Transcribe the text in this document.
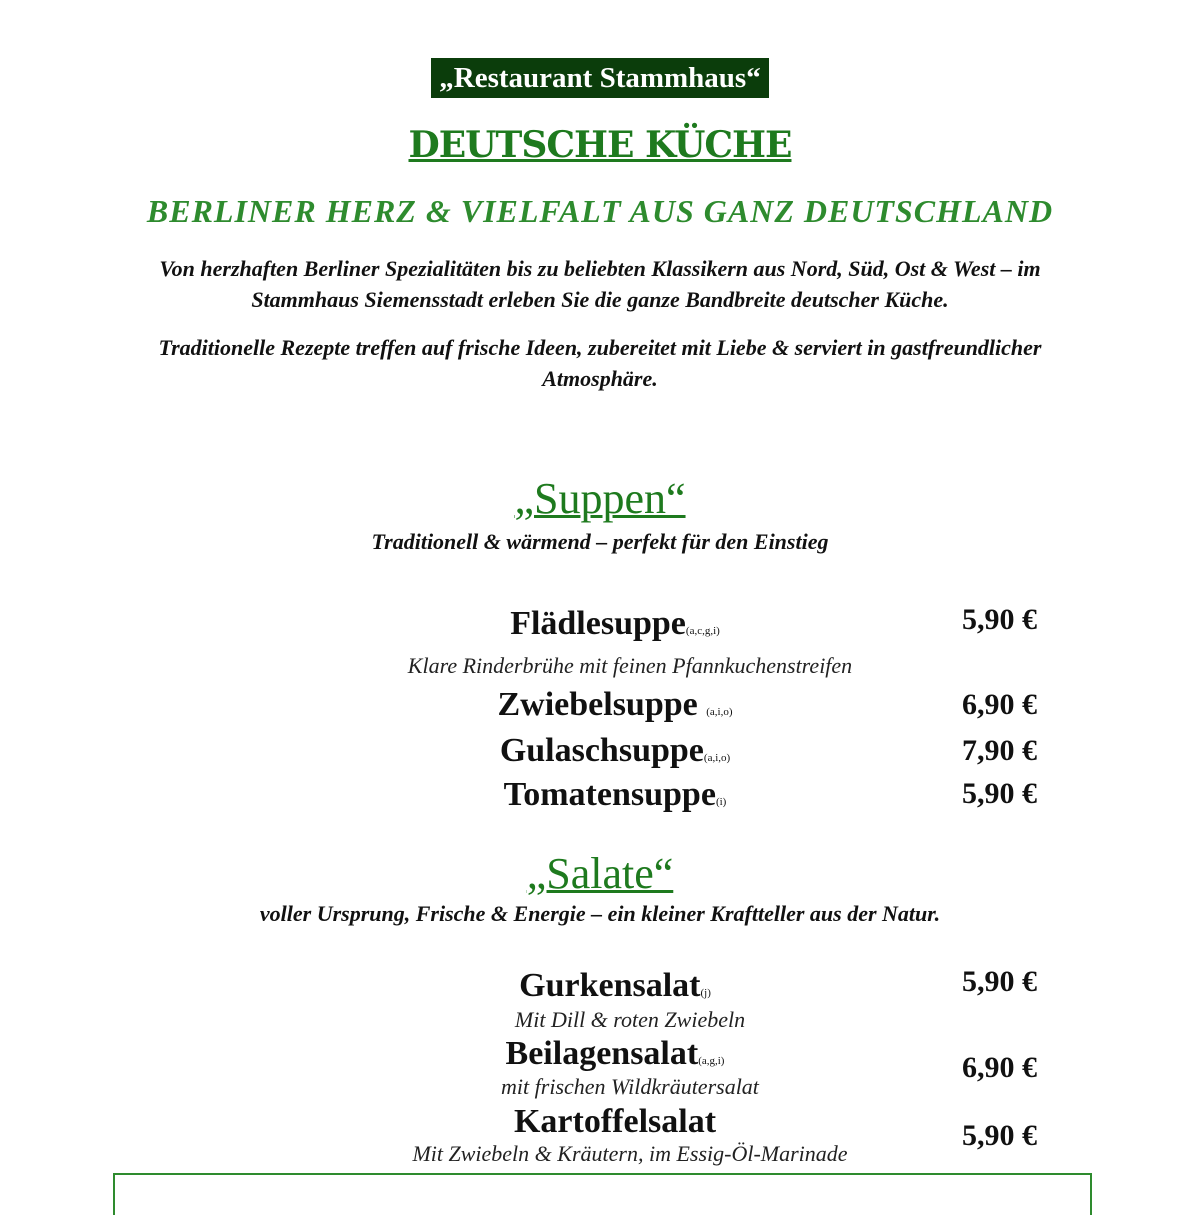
„Restaurant Stammhaus“
DEUTSCHE KÜCHE
BERLINER HERZ & VIELFALT AUS GANZ DEUTSCHLAND
Von herzhaften Berliner Spezialitäten bis zu beliebten Klassikern aus Nord, Süd, Ost & West – im Stammhaus Siemensstadt erleben Sie die ganze Bandbreite deutscher Küche.
Traditionelle Rezepte treffen auf frische Ideen, zubereitet mit Liebe & serviert in gastfreundlicher Atmosphäre.
„Suppen“
Traditionell & wärmend – perfekt für den Einstieg
Flädlesuppe(a,c,g,i)	5,90 €
Klare Rinderbrühe mit feinen Pfannkuchenstreifen
Zwiebelsuppe (a,i,o)	6,90 €
Gulaschsuppe(a,i,o)	7,90 €
Tomatensuppe(i)	5,90 €
„Salate“
voller Ursprung, Frische & Energie – ein kleiner Kraftteller aus der Natur.
Gurkensalat(j)	5,90 €
Mit Dill & roten Zwiebeln
Beilagensalat(a,g,i)	6,90 €
mit frischen Wildkräutersalat
Kartoffelsalat	5,90 €
Mit Zwiebeln & Kräutern, im Essig-Öl-Marinade
